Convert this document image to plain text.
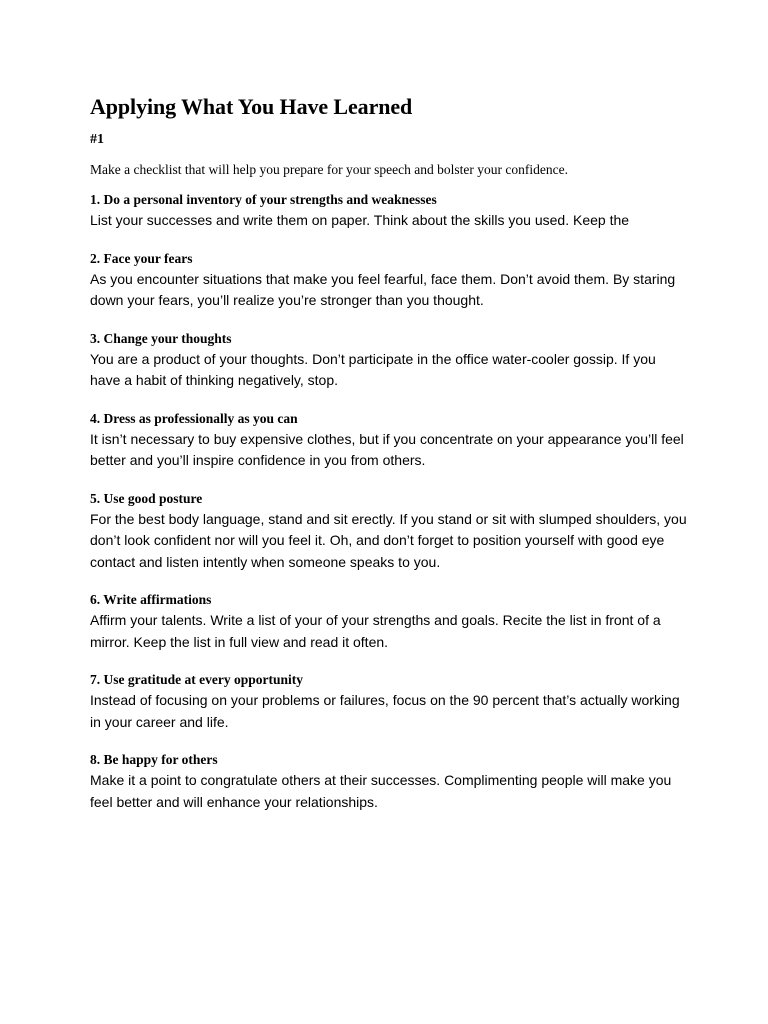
Applying What You Have Learned

#1

Make a checklist that will help you prepare for your speech and bolster your confidence.

1. Do a personal inventory of your strengths and weaknesses

List your successes and write them on paper. Think about the skills you used. Keep the

2. Face your fears

As you encounter situations that make you feel fearful, face them. Don’t avoid them. By staring down your fears, you’ll realize you’re stronger than you thought.

3. Change your thoughts

You are a product of your thoughts. Don’t participate in the office water-cooler gossip. If you have a habit of thinking negatively, stop.

4. Dress as professionally as you can

It isn’t necessary to buy expensive clothes, but if you concentrate on your appearance you’ll feel better and you’ll inspire confidence in you from others.

5. Use good posture

For the best body language, stand and sit erectly. If you stand or sit with slumped shoulders, you don’t look confident nor will you feel it. Oh, and don’t forget to position yourself with good eye contact and listen intently when someone speaks to you.

6. Write affirmations

Affirm your talents. Write a list of your of your strengths and goals. Recite the list in front of a mirror. Keep the list in full view and read it often.

7. Use gratitude at every opportunity

Instead of focusing on your problems or failures, focus on the 90 percent that’s actually working in your career and life.

8. Be happy for others

Make it a point to congratulate others at their successes. Complimenting people will make you feel better and will enhance your relationships.
